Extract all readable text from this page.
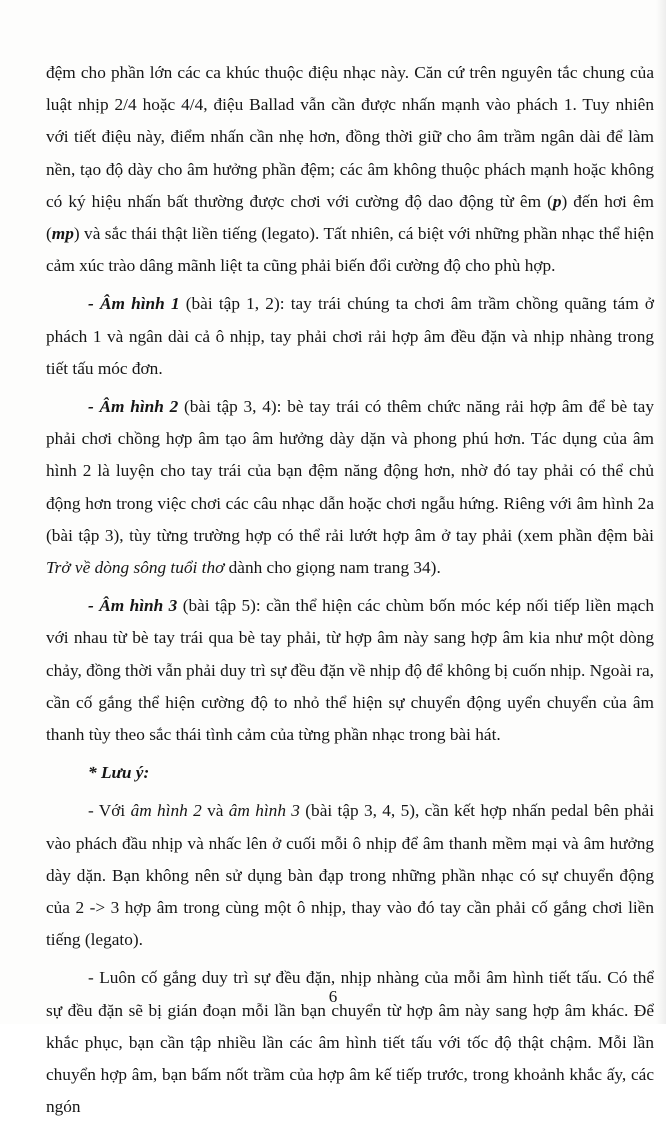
đệm cho phần lớn các ca khúc thuộc điệu nhạc này. Căn cứ trên nguyên tắc chung của luật nhịp 2/4 hoặc 4/4, điệu Ballad vẫn cần được nhấn mạnh vào phách 1. Tuy nhiên với tiết điệu này, điểm nhấn cần nhẹ hơn, đồng thời giữ cho âm trầm ngân dài để làm nền, tạo độ dày cho âm hưởng phần đệm; các âm không thuộc phách mạnh hoặc không có ký hiệu nhấn bất thường được chơi với cường độ dao động từ êm (p) đến hơi êm (mp) và sắc thái thật liền tiếng (legato). Tất nhiên, cá biệt với những phần nhạc thể hiện cảm xúc trào dâng mãnh liệt ta cũng phải biến đổi cường độ cho phù hợp.

- Âm hình 1 (bài tập 1, 2): tay trái chúng ta chơi âm trầm chồng quãng tám ở phách 1 và ngân dài cả ô nhịp, tay phải chơi rải hợp âm đều đặn và nhịp nhàng trong tiết tấu móc đơn.

- Âm hình 2 (bài tập 3, 4): bè tay trái có thêm chức năng rải hợp âm để bè tay phải chơi chồng hợp âm tạo âm hưởng dày dặn và phong phú hơn. Tác dụng của âm hình 2 là luyện cho tay trái của bạn đệm năng động hơn, nhờ đó tay phải có thể chủ động hơn trong việc chơi các câu nhạc dẫn hoặc chơi ngẫu hứng. Riêng với âm hình 2a (bài tập 3), tùy từng trường hợp có thể rải lướt hợp âm ở tay phải (xem phần đệm bài Trở về dòng sông tuổi thơ dành cho giọng nam trang 34).

- Âm hình 3 (bài tập 5): cần thể hiện các chùm bốn móc kép nối tiếp liền mạch với nhau từ bè tay trái qua bè tay phải, từ hợp âm này sang hợp âm kia như một dòng chảy, đồng thời vẫn phải duy trì sự đều đặn về nhịp độ để không bị cuốn nhịp. Ngoài ra, cần cố gắng thể hiện cường độ to nhỏ thể hiện sự chuyển động uyển chuyển của âm thanh tùy theo sắc thái tình cảm của từng phần nhạc trong bài hát.

* Lưu ý:

- Với âm hình 2 và âm hình 3 (bài tập 3, 4, 5), cần kết hợp nhấn pedal bên phải vào phách đầu nhịp và nhấc lên ở cuối mỗi ô nhịp để âm thanh mềm mại và âm hưởng dày dặn. Bạn không nên sử dụng bàn đạp trong những phần nhạc có sự chuyển động của 2 -> 3 hợp âm trong cùng một ô nhịp, thay vào đó tay cần phải cố gắng chơi liền tiếng (legato).

- Luôn cố gắng duy trì sự đều đặn, nhịp nhàng của mỗi âm hình tiết tấu. Có thể sự đều đặn sẽ bị gián đoạn mỗi lần bạn chuyển từ hợp âm này sang hợp âm khác. Để khắc phục, bạn cần tập nhiều lần các âm hình tiết tấu với tốc độ thật chậm. Mỗi lần chuyển hợp âm, bạn bấm nốt trầm của hợp âm kế tiếp trước, trong khoảnh khắc ấy, các ngón

6
